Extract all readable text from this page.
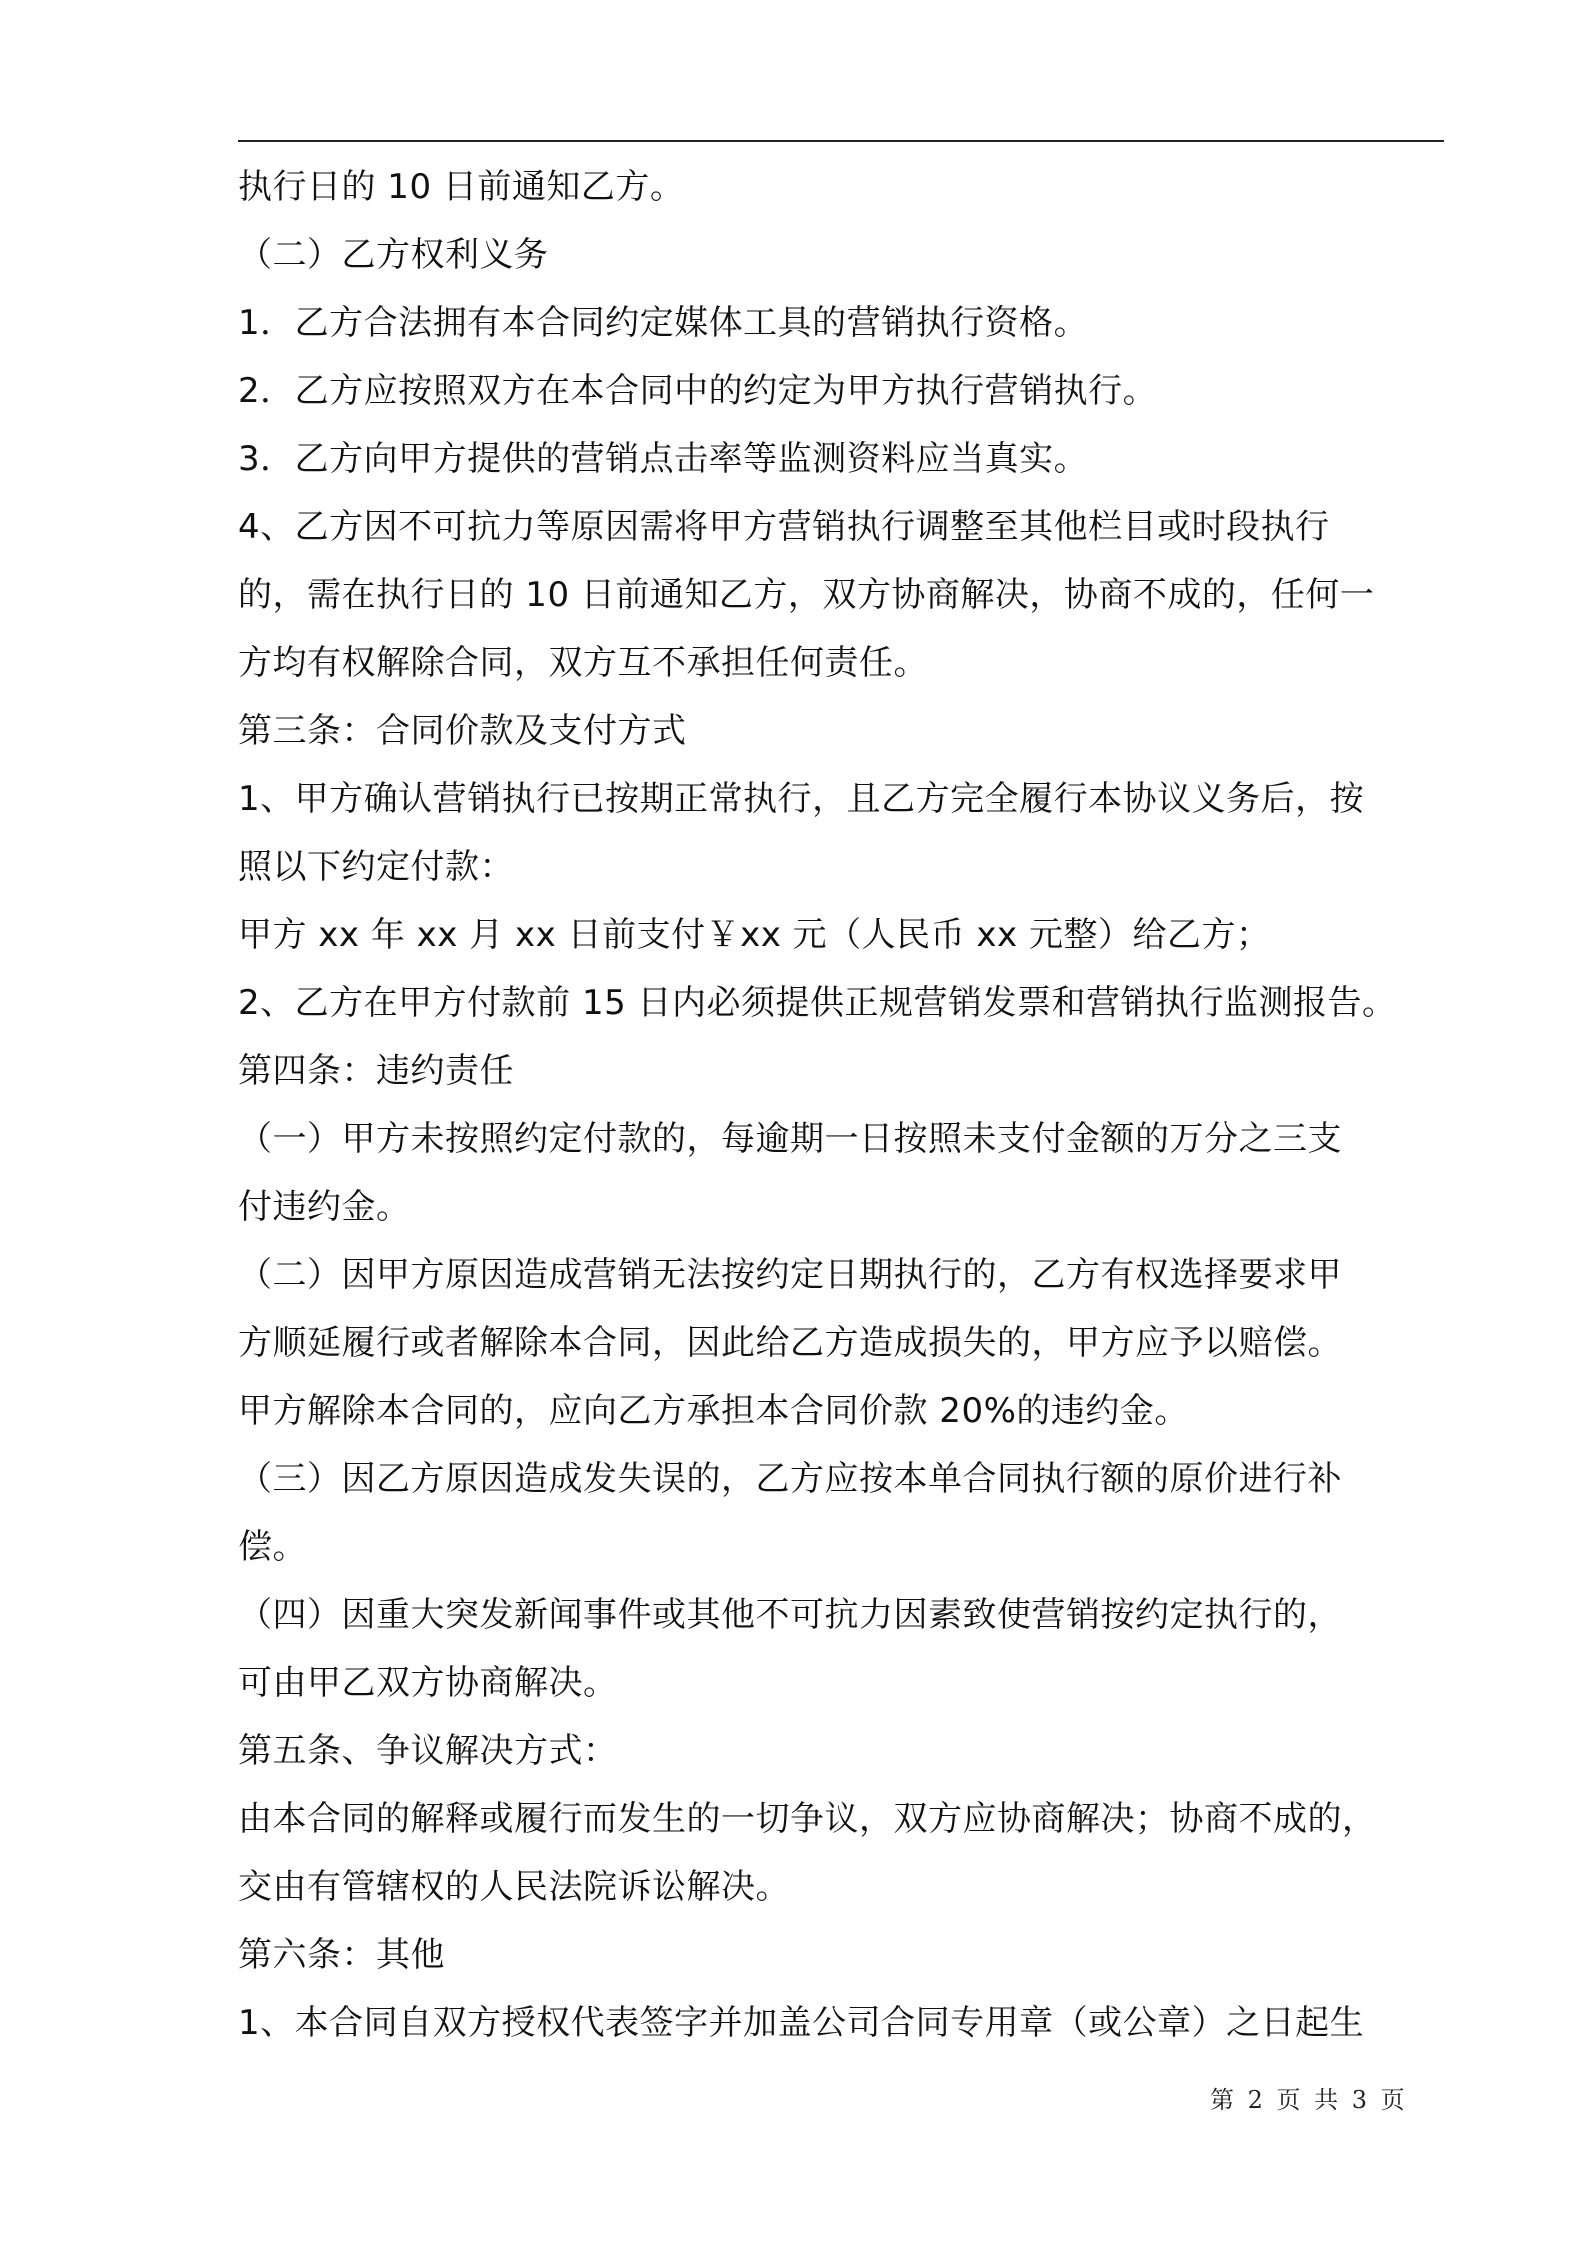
执行日的 10 日前通知乙方。
（二）乙方权利义务
1．乙方合法拥有本合同约定媒体工具的营销执行资格。
2．乙方应按照双方在本合同中的约定为甲方执行营销执行。
3．乙方向甲方提供的营销点击率等监测资料应当真实。
4、乙方因不可抗力等原因需将甲方营销执行调整至其他栏目或时段执行
的，需在执行日的 10 日前通知乙方，双方协商解决，协商不成的，任何一
方均有权解除合同，双方互不承担任何责任。
第三条：合同价款及支付方式
1、甲方确认营销执行已按期正常执行，且乙方完全履行本协议义务后，按
照以下约定付款：
甲方 xx 年 xx 月 xx 日前支付￥xx 元（人民币 xx 元整）给乙方；
2、乙方在甲方付款前 15 日内必须提供正规营销发票和营销执行监测报告。
第四条：违约责任
（一）甲方未按照约定付款的，每逾期一日按照未支付金额的万分之三支
付违约金。
（二）因甲方原因造成营销无法按约定日期执行的，乙方有权选择要求甲
方顺延履行或者解除本合同，因此给乙方造成损失的，甲方应予以赔偿。
甲方解除本合同的，应向乙方承担本合同价款 20%的违约金。
（三）因乙方原因造成发失误的，乙方应按本单合同执行额的原价进行补
偿。
（四）因重大突发新闻事件或其他不可抗力因素致使营销按约定执行的，
可由甲乙双方协商解决。
第五条、争议解决方式：
由本合同的解释或履行而发生的一切争议，双方应协商解决；协商不成的，
交由有管辖权的人民法院诉讼解决。
第六条：其他
1、本合同自双方授权代表签字并加盖公司合同专用章（或公章）之日起生
第 2 页 共 3 页
